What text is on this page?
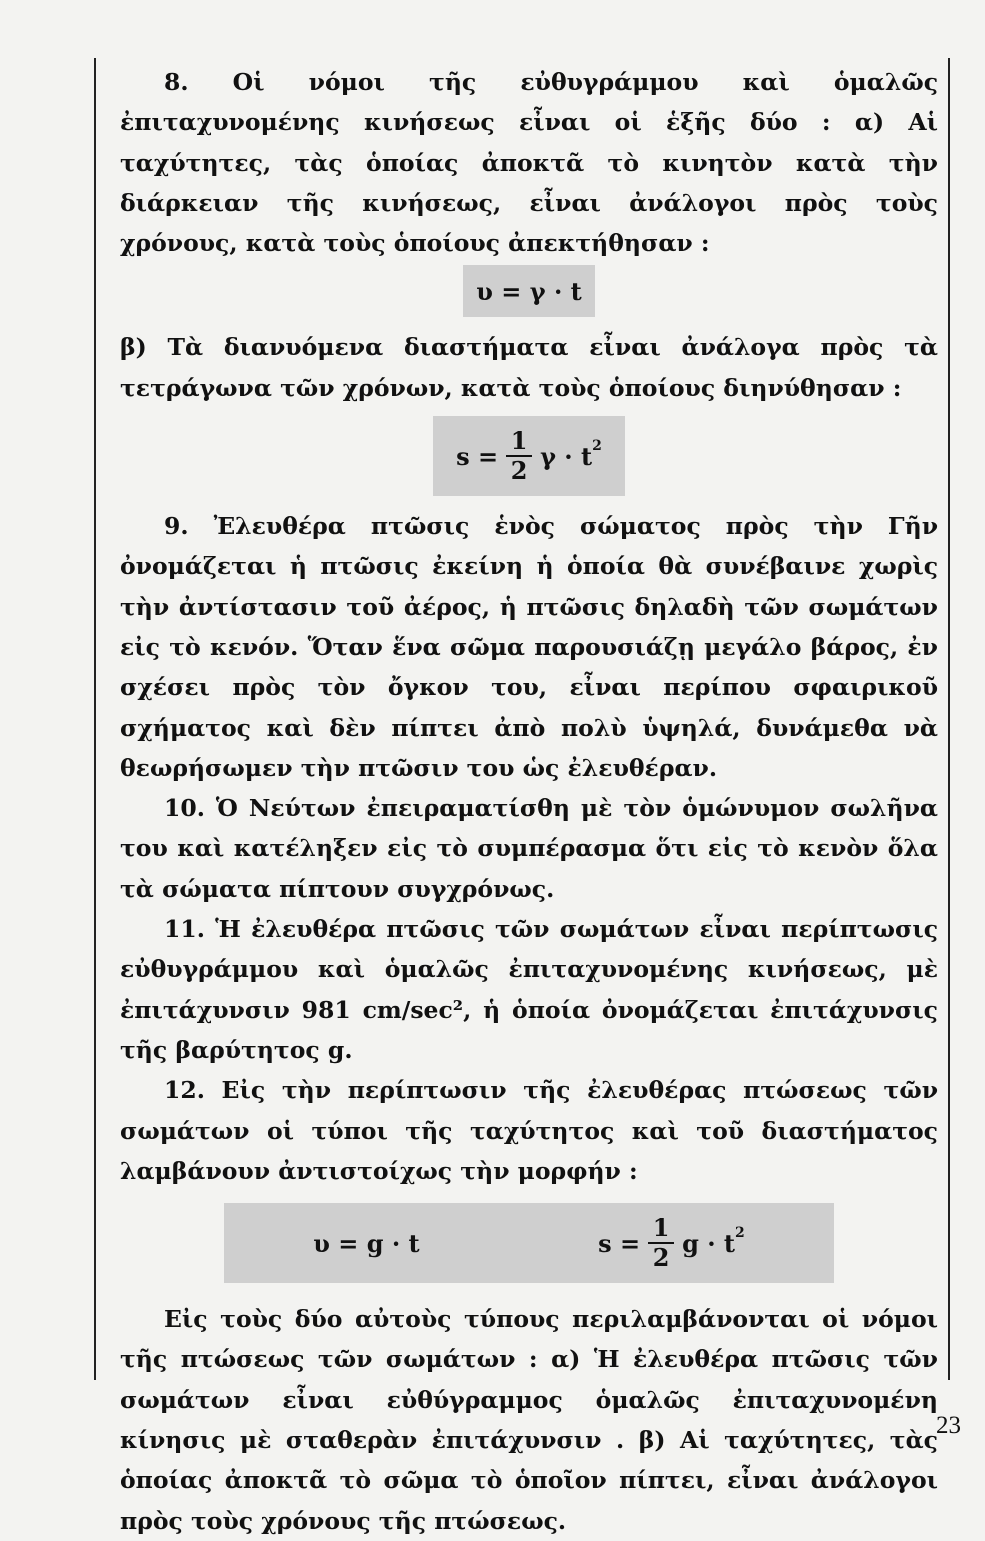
8. Οἱ νόμοι τῆς εὐθυγράμμου καὶ ὁμαλῶς ἐπιταχυνομένης κινήσεως εἶναι οἱ ἑξῆς δύο : α) Αἱ ταχύτητες, τὰς ὁποίας ἀποκτᾶ τὸ κινητὸν κατὰ τὴν διάρκειαν τῆς κινήσεως, εἶναι ἀνάλογοι πρὸς τοὺς χρόνους, κατὰ τοὺς ὁποίους ἀπεκτήθησαν :

υ = γ · t

β) Τὰ διανυόμενα διαστήματα εἶναι ἀνάλογα πρὸς τὰ τετράγωνα τῶν χρόνων, κατὰ τοὺς ὁποίους διηνύθησαν :

$s = \frac{1}{2}$ $\gamma \cdot t^2$

9. Ἐλευθέρα πτῶσις ἑνὸς σώματος πρὸς τὴν Γῆν ὀνομάζεται ἡ πτῶσις ἐκείνη ἡ ὁποία θὰ συνέβαινε χωρὶς τὴν ἀντίστασιν τοῦ ἀέρος, ἡ πτῶσις δηλαδὴ τῶν σωμάτων εἰς τὸ κενόν. Ὅταν ἕνα σῶμα παρουσιάζῃ μεγάλο βάρος, ἐν σχέσει πρὸς τὸν ὄγκον του, εἶναι περίπου σφαιρικοῦ σχήματος καὶ δὲν πίπτει ἀπὸ πολὺ ὑψηλά, δυνάμεθα νὰ θεωρήσωμεν τὴν πτῶσιν του ὡς ἐλευθέραν.

10. Ὁ Νεύτων ἐπειραματίσθη μὲ τὸν ὁμώνυμον σωλῆνα του καὶ κατέληξεν εἰς τὸ συμπέρασμα ὅτι εἰς τὸ κενὸν ὅλα τὰ σώματα πίπτουν συγχρόνως.

11. Ἡ ἐλευθέρα πτῶσις τῶν σωμάτων εἶναι περίπτωσις εὐθυγράμμου καὶ ὁμαλῶς ἐπιταχυνομένης κινήσεως, μὲ ἐπιτάχυνσιν 981 cm/sec², ἡ ὁποία ὀνομάζεται ἐπιτάχυνσις τῆς βαρύτητος g.

12. Εἰς τὴν περίπτωσιν τῆς ἐλευθέρας πτώσεως τῶν σωμάτων οἱ τύποι τῆς ταχύτητος καὶ τοῦ διαστήματος λαμβάνουν ἀντιστοίχως τὴν μορφήν :

υ = g · t	$s = \frac{1}{2}$ $g \cdot t^2$

Εἰς τοὺς δύο αὐτοὺς τύπους περιλαμβάνονται οἱ νόμοι τῆς πτώσεως τῶν σωμάτων : α) Ἡ ἐλευθέρα πτῶσις τῶν σωμάτων εἶναι εὐθύγραμμος ὁμαλῶς ἐπιταχυνομένη κίνησις μὲ σταθερὰν ἐπιτάχυνσιν . β) Αἱ ταχύτητες, τὰς ὁποίας ἀποκτᾶ τὸ σῶμα τὸ ὁποῖον πίπτει, εἶναι ἀνάλογοι πρὸς τοὺς χρόνους τῆς πτώσεως.

23
